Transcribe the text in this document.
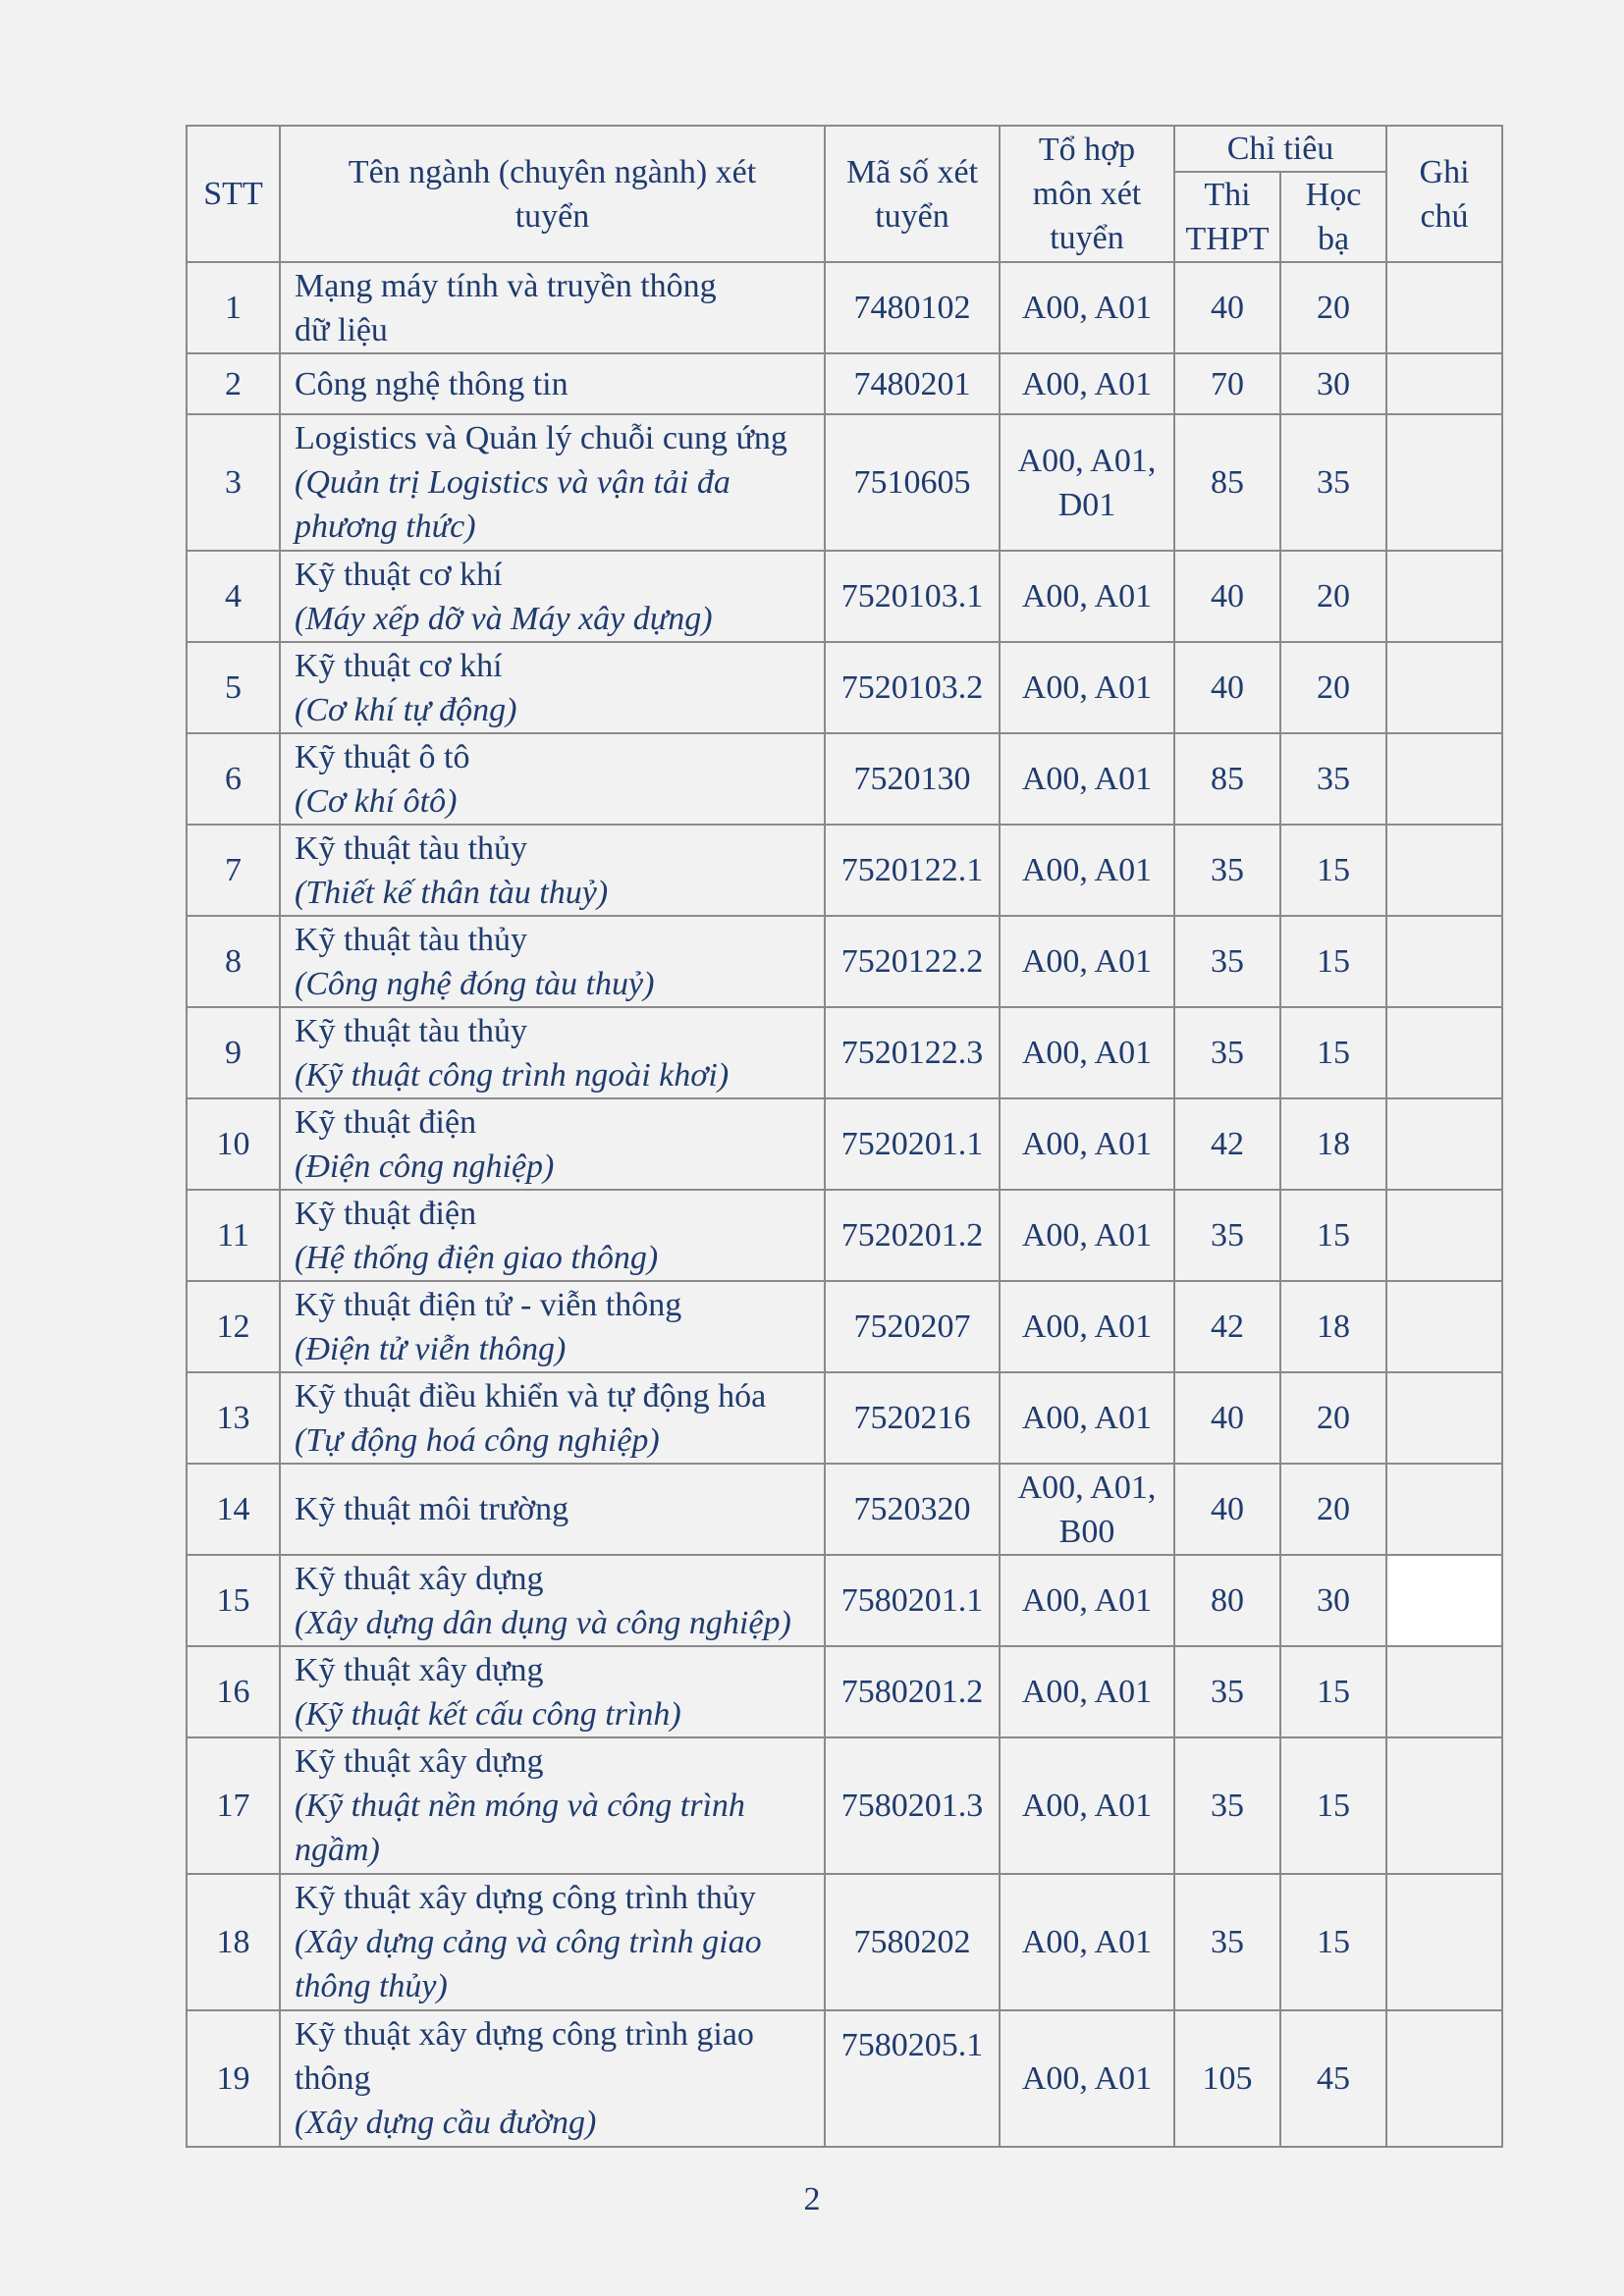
STT	Tên ngành (chuyên ngành) xét tuyển	Mã số xét tuyển	Tổ hợp môn xét tuyển	Chỉ tiêu		Ghi chú
				Thi THPT	Học bạ	
1	Mạng máy tính và truyền thông dữ liệu	7480102	A00, A01	40	20	
2	Công nghệ thông tin	7480201	A00, A01	70	30	
3	Logistics và Quản lý chuỗi cung ứng
(Quản trị Logistics và vận tải đa phương thức)	7510605	A00, A01, D01	85	35	
4	Kỹ thuật cơ khí
(Máy xếp dỡ và Máy xây dựng)	7520103.1	A00, A01	40	20	
5	Kỹ thuật cơ khí
(Cơ khí tự động)	7520103.2	A00, A01	40	20	
6	Kỹ thuật ô tô
(Cơ khí ôtô)	7520130	A00, A01	85	35	
7	Kỹ thuật tàu thủy
(Thiết kế thân tàu thuỷ)	7520122.1	A00, A01	35	15	
8	Kỹ thuật tàu thủy
(Công nghệ đóng tàu thuỷ)	7520122.2	A00, A01	35	15	
9	Kỹ thuật tàu thủy
(Kỹ thuật công trình ngoài khơi)	7520122.3	A00, A01	35	15	
10	Kỹ thuật điện
(Điện công nghiệp)	7520201.1	A00, A01	42	18	
11	Kỹ thuật điện
(Hệ thống điện giao thông)	7520201.2	A00, A01	35	15	
12	Kỹ thuật điện tử - viễn thông
(Điện tử viễn thông)	7520207	A00, A01	42	18	
13	Kỹ thuật điều khiển và tự động hóa
(Tự động hoá công nghiệp)	7520216	A00, A01	40	20	
14	Kỹ thuật môi trường	7520320	A00, A01, B00	40	20	
15	Kỹ thuật xây dựng
(Xây dựng dân dụng và công nghiệp)	7580201.1	A00, A01	80	30	
16	Kỹ thuật xây dựng
(Kỹ thuật kết cấu công trình)	7580201.2	A00, A01	35	15	
17	Kỹ thuật xây dựng
(Kỹ thuật nền móng và công trình ngầm)	7580201.3	A00, A01	35	15	
18	Kỹ thuật xây dựng công trình thủy
(Xây dựng cảng và công trình giao thông thủy)	7580202	A00, A01	35	15	
19	Kỹ thuật xây dựng công trình giao thông
(Xây dựng cầu đường)	7580205.1	A00, A01	105	45	
2
